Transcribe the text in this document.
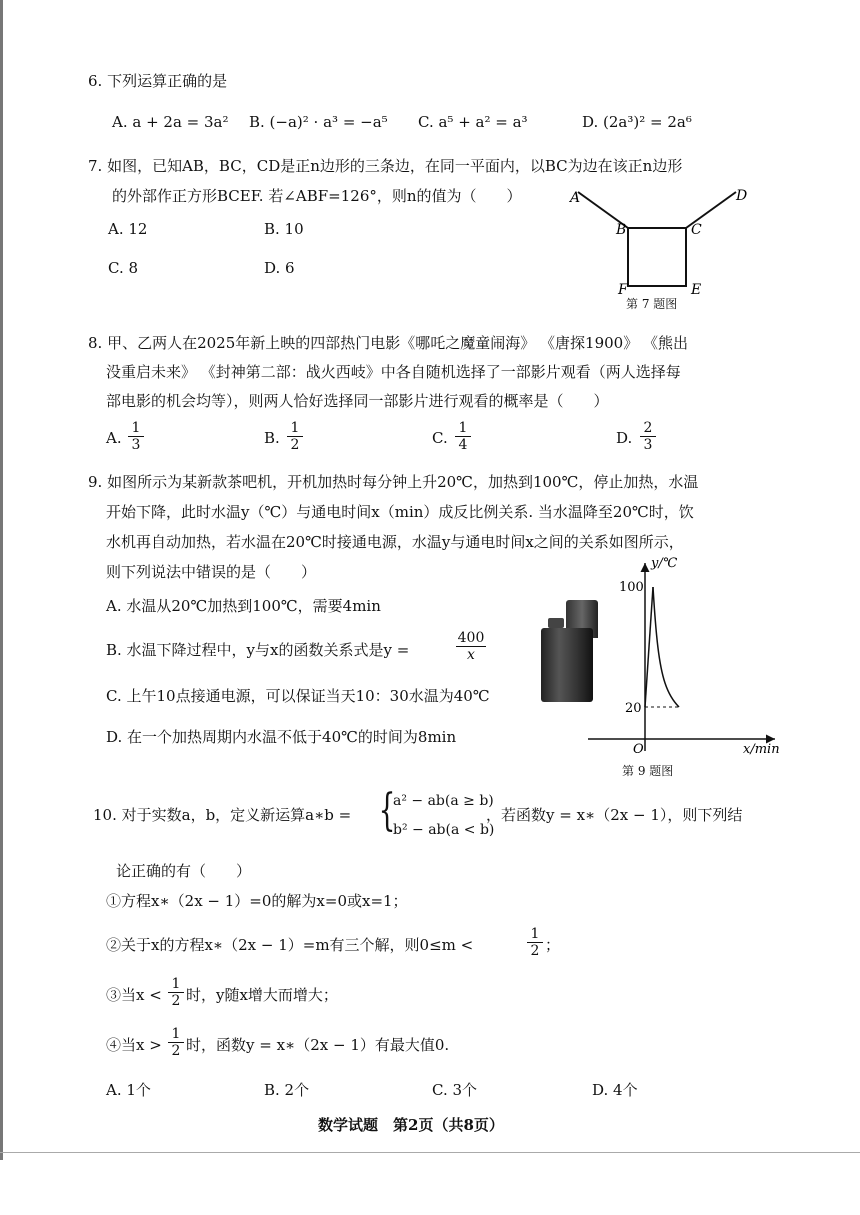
6. 下列运算正确的是
A. a + 2a = 3a² B. (−a)² · a³ = −a⁵ C. a⁵ + a² = a³	D. (2a³)² = 2a⁶
7. 如图，已知AB，BC，CD是正n边形的三条边，在同一平面内，以BC为边在该正n边形
的外部作正方形BCEF. 若∠ABF=126°，则n的值为（　　）
A. 12	B. 10
C. 8	D. 6
A
B	C
D
E
F
第 7 题图
8. 甲、乙两人在2025年新上映的四部热门电影《哪吒之魔童闹海》 《唐探1900》 《熊出
没重启未来》 《封神第二部：战火西岐》中各自随机选择了一部影片观看（两人选择每
部电影的机会均等），则两人恰好选择同一部影片进行观看的概率是（　　）
A. $\frac{1}{3}$	B. $\frac{1}{2}$	C. $\frac{1}{4}$	D. $\frac{2}{3}$
9. 如图所示为某新款茶吧机，开机加热时每分钟上升20℃，加热到100℃，停止加热，水温
开始下降，此时水温y（℃）与通电时间x（min）成反比例关系. 当水温降至20℃时，饮
水机再自动加热，若水温在20℃时接通电源，水温y与通电时间x之间的关系如图所示，
则下列说法中错误的是（　　）
A. 水温从20℃加热到100℃，需要4min
B. 水温下降过程中，y与x的函数关系式是y =	$\frac{400}{x}$
C. 上午10点接通电源，可以保证当天10：30水温为40℃
D. 在一个加热周期内水温不低于40℃的时间为8min
100
20
O
y/℃
x/min
第 9 题图
10. 对于实数a，b，定义新运算a∗b = {
a² − ab(a ≥ b)
b² − ab(a < b)
，若函数y = x∗（2x − 1），则下列结
论正确的有（　　）
①方程x∗（2x − 1）=0的解为x=0或x=1；
②关于x的方程x∗（2x − 1）=m有三个解，则0≤m <	$\frac{1}{2}$ ；
③当$x < \frac{1}{2}$ 时，y随x增大而增大；
④当$x > \frac{1}{2}$ 时，函数y = x∗（2x − 1）有最大值0.
A. 1个	B. 2个	C. 3个	D. 4个
数学试题　第2页（共8页）
